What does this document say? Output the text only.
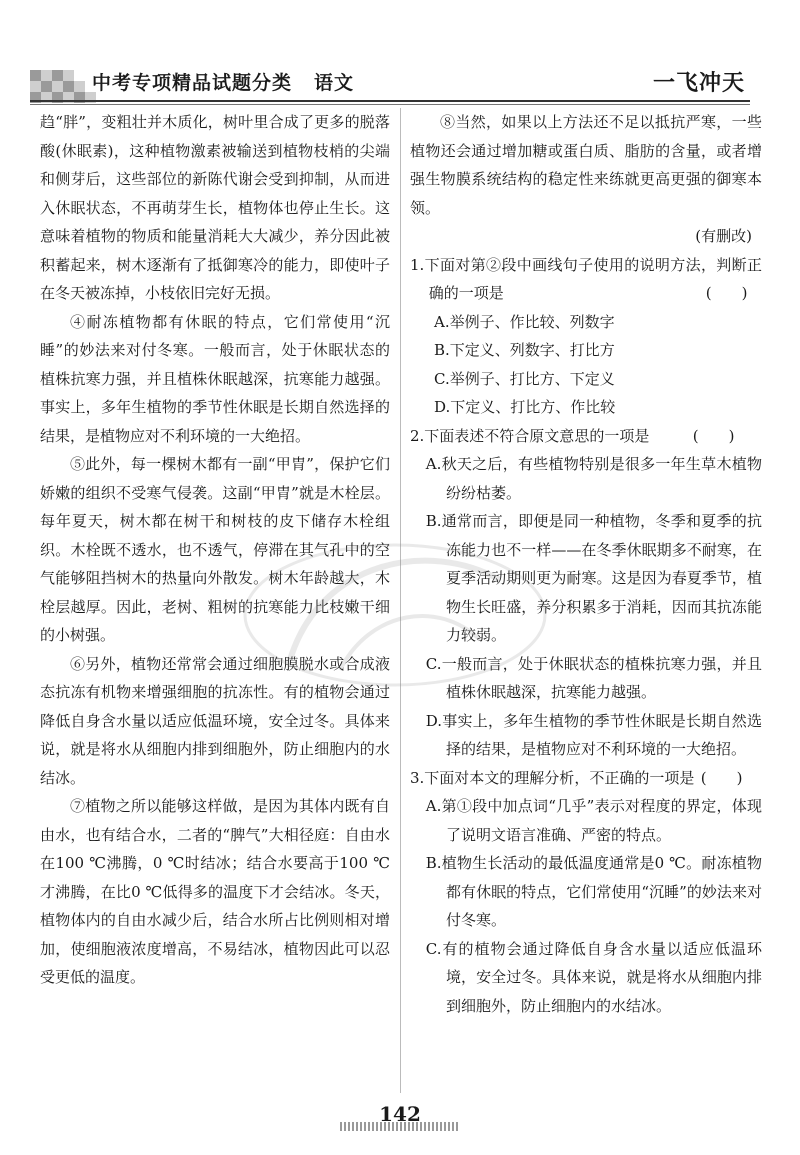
中考专项精品试题分类 语文	一飞冲天

趋“胖”，变粗壮并木质化，树叶里合成了更多的脱落酸(休眠素)，这种植物激素被输送到植物枝梢的尖端和侧芽后，这些部位的新陈代谢会受到抑制，从而进入休眠状态，不再萌芽生长，植物体也停止生长。这意味着植物的物质和能量消耗大大减少，养分因此被积蓄起来，树木逐渐有了抵御寒冷的能力，即使叶子在冬天被冻掉，小枝依旧完好无损。

④耐冻植物都有休眠的特点，它们常使用“沉睡”的妙法来对付冬寒。一般而言，处于休眠状态的植株抗寒力强，并且植株休眠越深，抗寒能力越强。事实上，多年生植物的季节性休眠是长期自然选择的结果，是植物应对不利环境的一大绝招。

⑤此外，每一棵树木都有一副“甲胄”，保护它们娇嫩的组织不受寒气侵袭。这副“甲胄”就是木栓层。每年夏天，树木都在树干和树枝的皮下储存木栓组织。木栓既不透水，也不透气，停滞在其气孔中的空气能够阻挡树木的热量向外散发。树木年龄越大，木栓层越厚。因此，老树、粗树的抗寒能力比枝嫩干细的小树强。

⑥另外，植物还常常会通过细胞膜脱水或合成液态抗冻有机物来增强细胞的抗冻性。有的植物会通过降低自身含水量以适应低温环境，安全过冬。具体来说，就是将水从细胞内排到细胞外，防止细胞内的水结冰。

⑦植物之所以能够这样做，是因为其体内既有自由水，也有结合水，二者的“脾气”大相径庭：自由水在100 ℃沸腾，0 ℃时结冰；结合水要高于100 ℃才沸腾，在比0 ℃低得多的温度下才会结冰。冬天，植物体内的自由水减少后，结合水所占比例则相对增加，使细胞液浓度增高，不易结冰，植物因此可以忍受更低的温度。

⑧当然，如果以上方法还不足以抵抗严寒，一些植物还会通过增加糖或蛋白质、脂肪的含量，或者增强生物膜系统结构的稳定性来练就更高更强的御寒本领。

(有删改)

1.下面对第②段中画线句子使用的说明方法，判断正确的一项是	(　　)

A.举例子、作比较、列数字

B.下定义、列数字、打比方

C.举例子、打比方、下定义

D.下定义、打比方、作比较

2.下面表述不符合原文意思的一项是	(　　)

A.秋天之后，有些植物特别是很多一年生草木植物纷纷枯萎。

B.通常而言，即便是同一种植物，冬季和夏季的抗冻能力也不一样——在冬季休眠期多不耐寒，在夏季活动期则更为耐寒。这是因为春夏季节，植物生长旺盛，养分积累多于消耗，因而其抗冻能力较弱。

C.一般而言，处于休眠状态的植株抗寒力强，并且植株休眠越深，抗寒能力越强。

D.事实上，多年生植物的季节性休眠是长期自然选择的结果，是植物应对不利环境的一大绝招。

3.下面对本文的理解分析，不正确的一项是 (　　)

A.第①段中加点词“几乎”表示对程度的界定，体现了说明文语言准确、严密的特点。

B.植物生长活动的最低温度通常是0 ℃。耐冻植物都有休眠的特点，它们常使用“沉睡”的妙法来对付冬寒。

C.有的植物会通过降低自身含水量以适应低温环境，安全过冬。具体来说，就是将水从细胞内排到细胞外，防止细胞内的水结冰。

142
